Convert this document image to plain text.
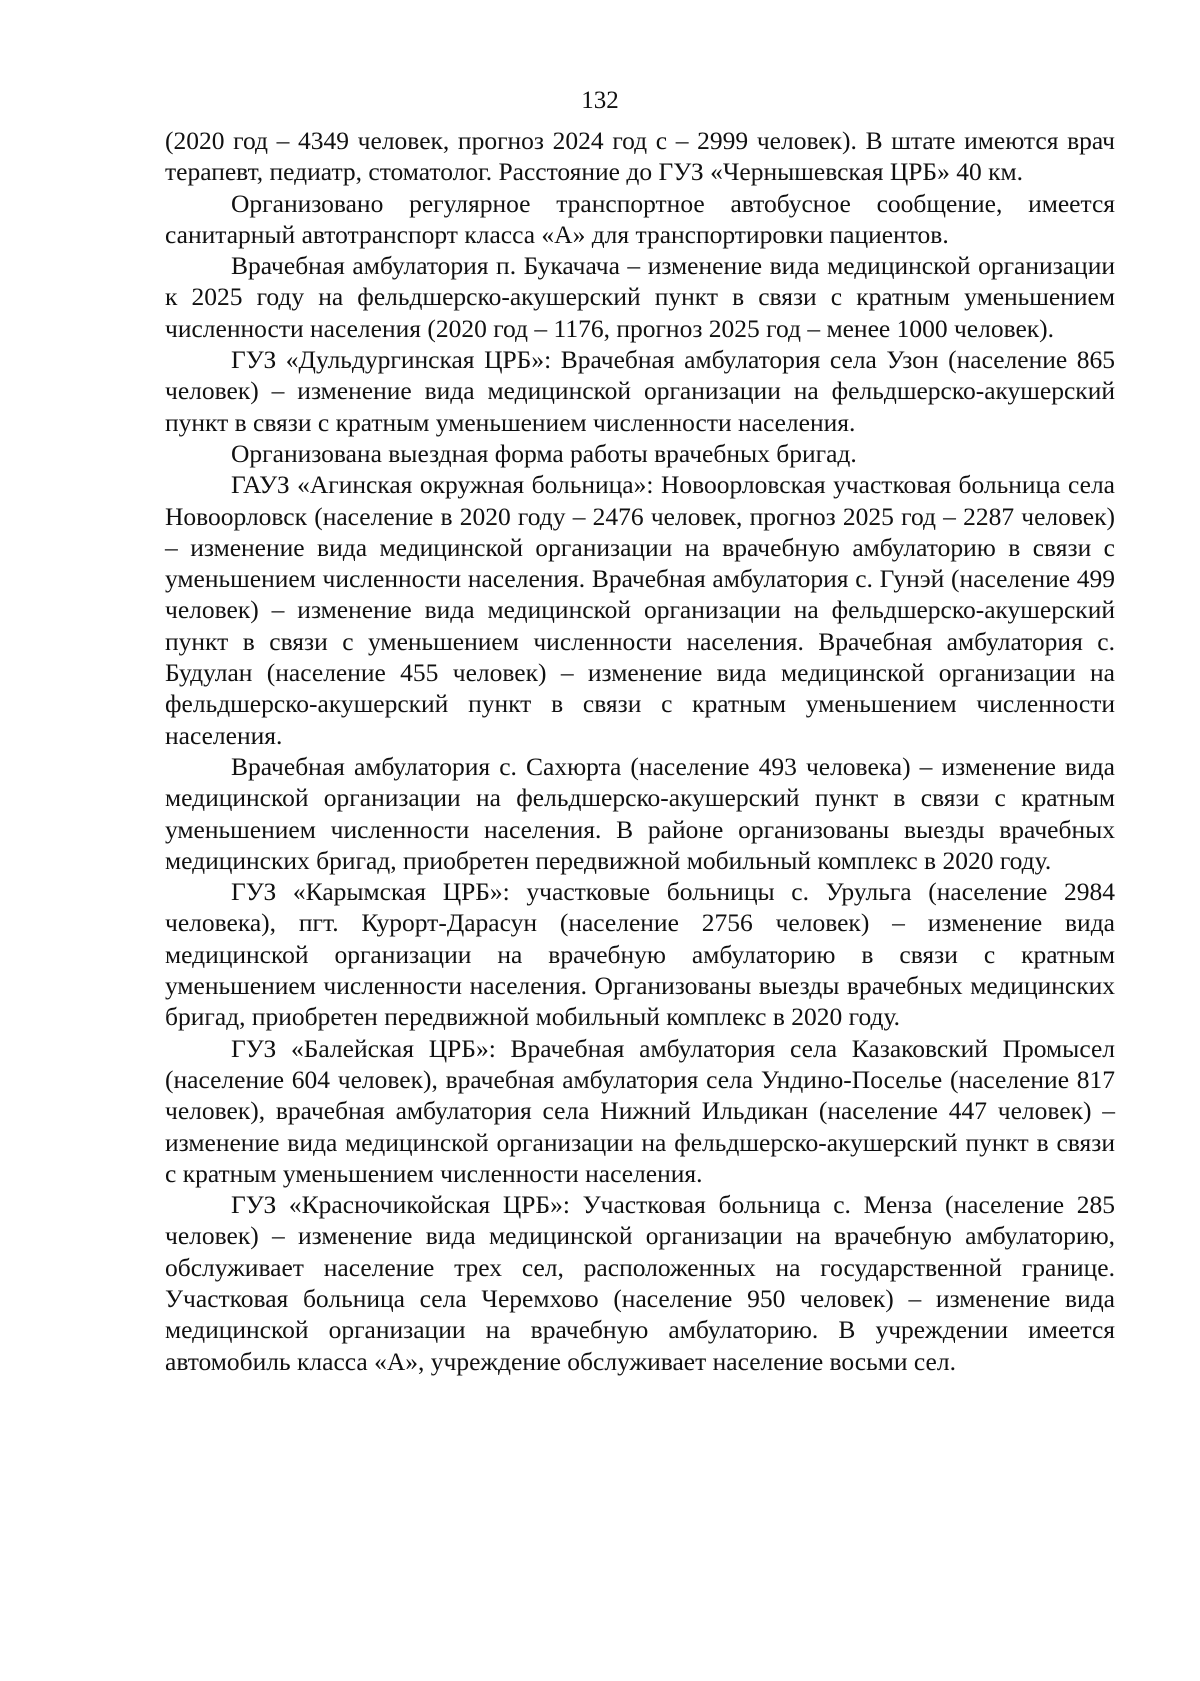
132

(2020 год – 4349 человек, прогноз 2024 год с – 2999 человек). В штате имеются врач терапевт, педиатр, стоматолог. Расстояние до ГУЗ «Чернышевская ЦРБ» 40 км.

Организовано регулярное транспортное автобусное сообщение, имеется санитарный автотранспорт класса «А» для транспортировки пациентов.

Врачебная амбулатория п. Букачача – изменение вида медицинской организации к 2025 году на фельдшерско-акушерский пункт в связи с кратным уменьшением численности населения (2020 год – 1176, прогноз 2025 год – менее 1000 человек).

ГУЗ «Дульдургинская ЦРБ»: Врачебная амбулатория села Узон (население 865 человек) – изменение вида медицинской организации на фельдшерско-акушерский пункт в связи с кратным уменьшением численности населения.

Организована выездная форма работы врачебных бригад.

ГАУЗ «Агинская окружная больница»: Новоорловская участковая больница села Новоорловск (население в 2020 году – 2476 человек, прогноз 2025 год – 2287 человек) – изменение вида медицинской организации на врачебную амбулаторию в связи с уменьшением численности населения. Врачебная амбулатория с. Гунэй (население 499 человек) – изменение вида медицинской организации на фельдшерско-акушерский пункт в связи с уменьшением численности населения. Врачебная амбулатория с. Будулан (население 455 человек) – изменение вида медицинской организации на фельдшерско-акушерский пункт в связи с кратным уменьшением численности населения.

Врачебная амбулатория с. Сахюрта (население 493 человека) – изменение вида медицинской организации на фельдшерско-акушерский пункт в связи с кратным уменьшением численности населения. В районе организованы выезды врачебных медицинских бригад, приобретен передвижной мобильный комплекс в 2020 году.

ГУЗ «Карымская ЦРБ»: участковые больницы с. Урульга (население 2984 человека), пгт. Курорт-Дарасун (население 2756 человек) – изменение вида медицинской организации на врачебную амбулаторию в связи с кратным уменьшением численности населения. Организованы выезды врачебных медицинских бригад, приобретен передвижной мобильный комплекс в 2020 году.

ГУЗ «Балейская ЦРБ»: Врачебная амбулатория села Казаковский Промысел (население 604 человек), врачебная амбулатория села Ундино-Поселье (население 817 человек), врачебная амбулатория села Нижний Ильдикан (население 447 человек) – изменение вида медицинской организации на фельдшерско-акушерский пункт в связи с кратным уменьшением численности населения.

ГУЗ «Красночикойская ЦРБ»: Участковая больница с. Менза (население 285 человек) – изменение вида медицинской организации на врачебную амбулаторию, обслуживает население трех сел, расположенных на государственной границе. Участковая больница села Черемхово (население 950 человек) – изменение вида медицинской организации на врачебную амбулаторию. В учреждении имеется автомобиль класса «А», учреждение обслуживает население восьми сел.
